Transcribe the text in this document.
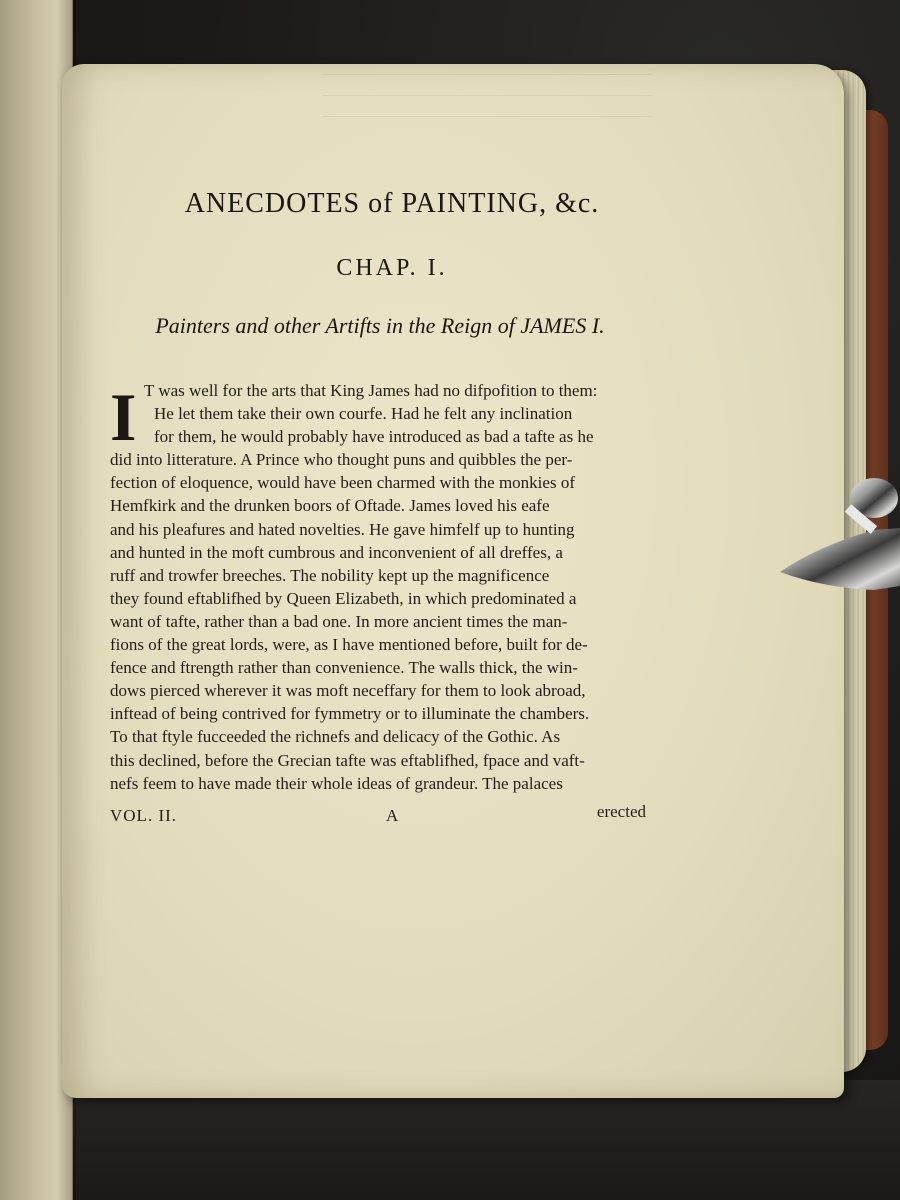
ANECDOTES of PAINTING, &c.
CHAP. I.
Painters and other Artifts in the Reign of JAMES I.
I T was well for the arts that King James had no difpofition to them:
He let them take their own courfe. Had he felt any inclination
for them, he would probably have introduced as bad a tafte as he
did into litterature. A Prince who thought puns and quibbles the per-
fection of eloquence, would have been charmed with the monkies of
Hemfkirk and the drunken boors of Oftade. James loved his eafe
and his pleafures and hated novelties. He gave himfelf up to hunting
and hunted in the moft cumbrous and inconvenient of all dreffes, a
ruff and trowfer breeches. The nobility kept up the magnificence
they found eftablifhed by Queen Elizabeth, in which predominated a
want of tafte, rather than a bad one. In more ancient times the man-
fions of the great lords, were, as I have mentioned before, built for de-
fence and ftrength rather than convenience. The walls thick, the win-
dows pierced wherever it was moft neceffary for them to look abroad,
inftead of being contrived for fymmetry or to illuminate the chambers.
To that ftyle fucceeded the richnefs and delicacy of the Gothic. As
this declined, before the Grecian tafte was eftablifhed, fpace and vaft-
nefs feem to have made their whole ideas of grandeur. The palaces
VOL. II.	A	erected
